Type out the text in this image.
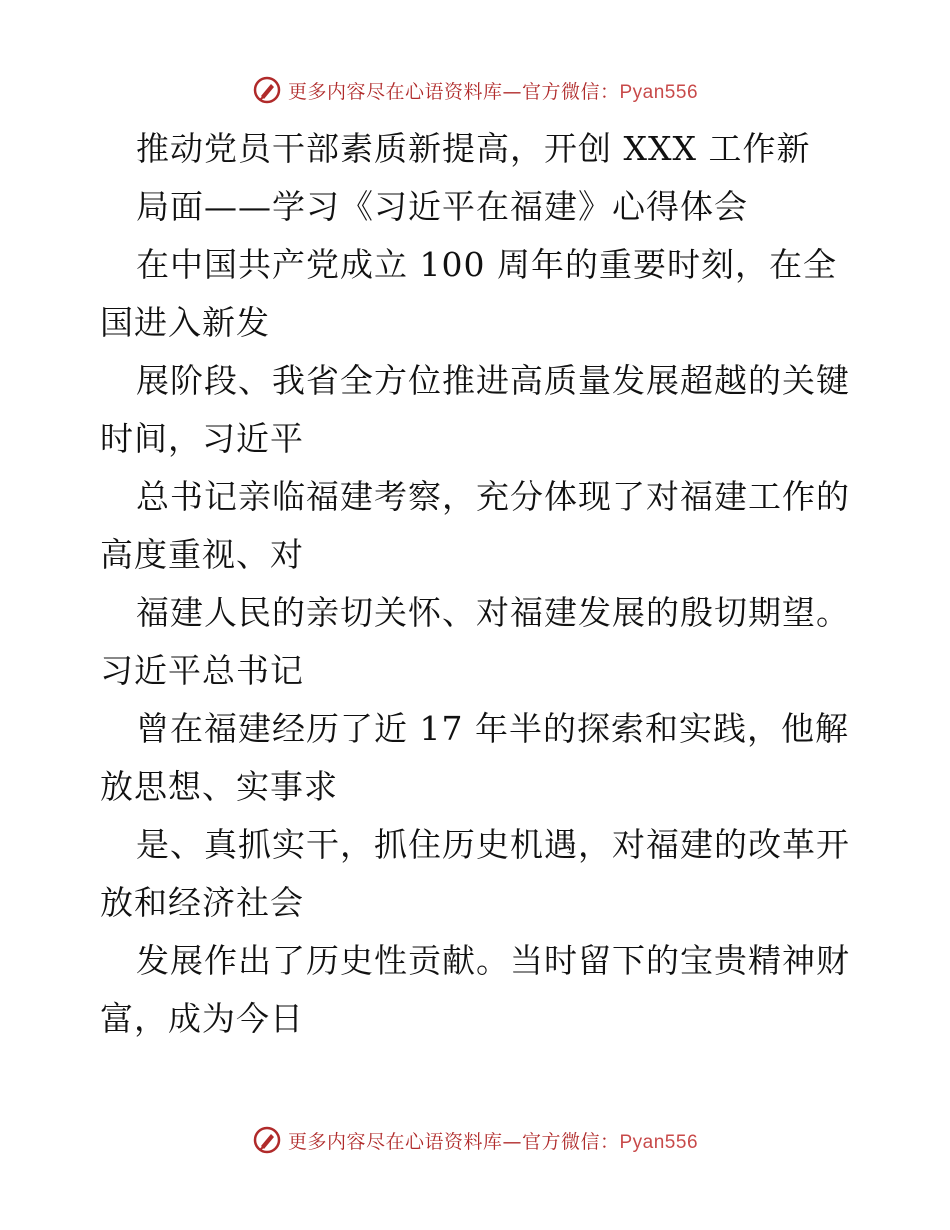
更多内容尽在心语资料库—官方微信：Pyan556
推动党员干部素质新提高，开创 XXX 工作新
局面——学习《习近平在福建》心得体会
在中国共产党成立 100 周年的重要时刻，在全
国进入新发
展阶段、我省全方位推进高质量发展超越的关键
时间，习近平
总书记亲临福建考察，充分体现了对福建工作的
高度重视、对
福建人民的亲切关怀、对福建发展的殷切期望。
习近平总书记
曾在福建经历了近 17 年半的探索和实践，他解
放思想、实事求
是、真抓实干，抓住历史机遇，对福建的改革开
放和经济社会
发展作出了历史性贡献。当时留下的宝贵精神财
富，成为今日
更多内容尽在心语资料库—官方微信：Pyan556
